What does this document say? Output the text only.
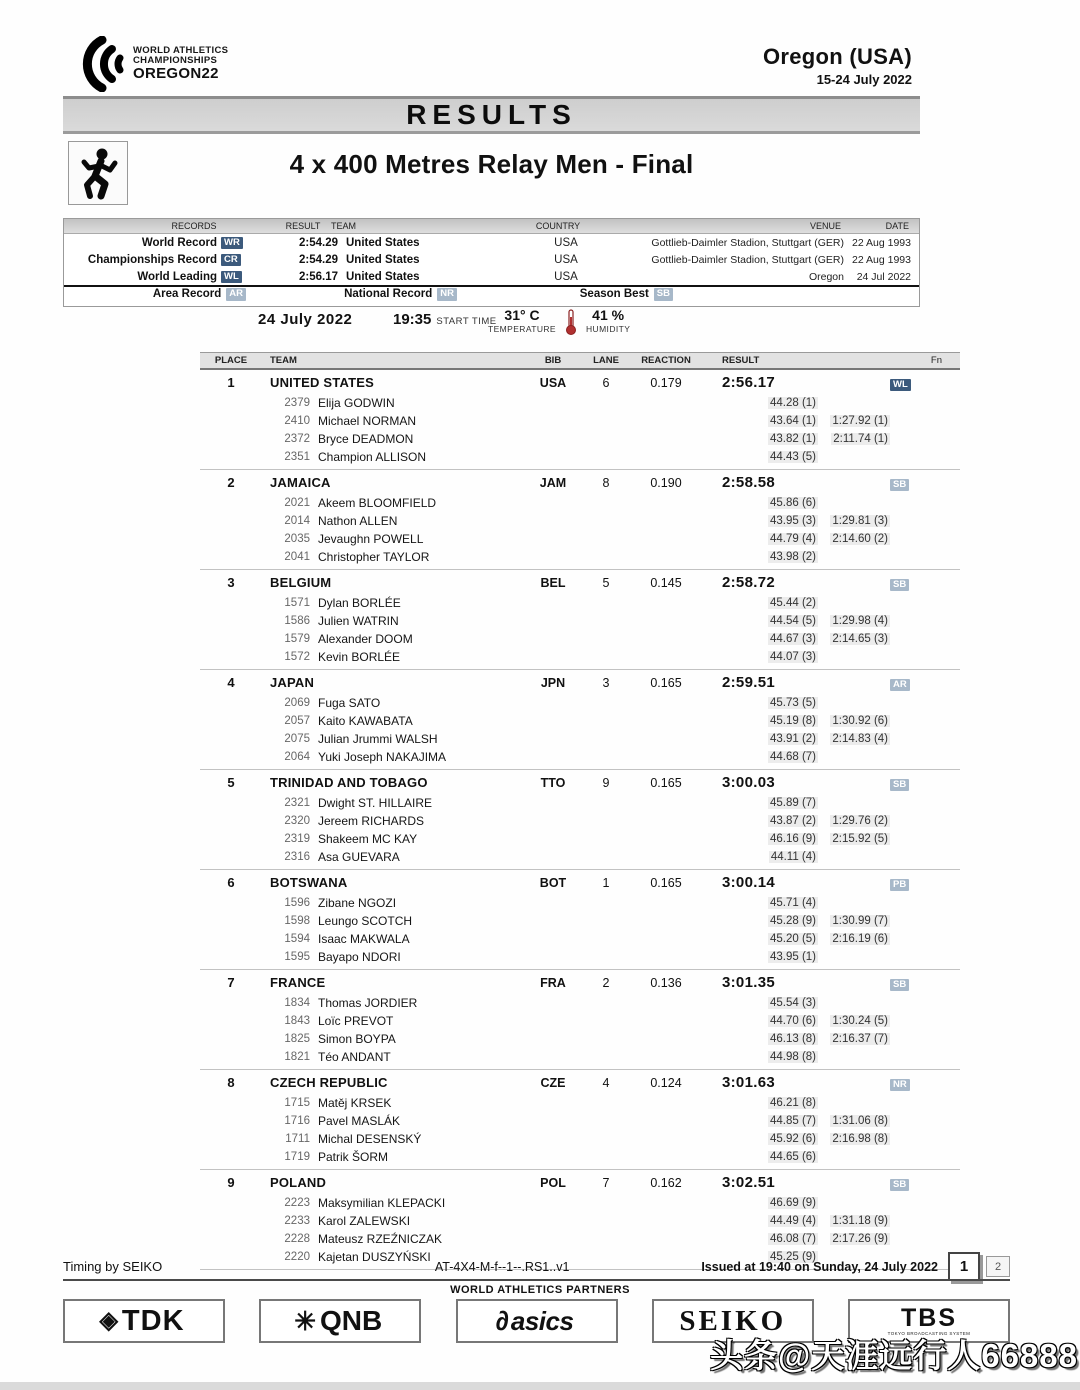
WORLD ATHLETICS
CHAMPIONSHIPS
OREGON22
Oregon (USA)
15-24 July 2022
RESULTS
4 x 400 Metres Relay Men - Final
RECORDS	RESULT TEAM	COUNTRY	VENUE	DATE
World Record WR	2:54.29 United States	USA	Gottlieb-Daimler Stadion, Stuttgart (GER) 22 Aug 1993
Championships Record CR	2:54.29 United States	USA	Gottlieb-Daimler Stadion, Stuttgart (GER) 22 Aug 1993
World Leading WL	2:56.17 United States	USA	Oregon	24 Jul 2022
Area Record AR	National Record NR	Season Best SB
24 July 2022	19:35 START TIME 31° C
TEMPERATURE
41 %
HUMIDITY
PLACE	TEAM	BIB	LANE	REACTION	RESULT	Fn
1	UNITED STATES	USA	6	0.179	2:56.17	WL
2379 Elija GODWIN	44.28 (1)
2410 Michael NORMAN	43.64 (1)	1:27.92 (1)
2372 Bryce DEADMON	43.82 (1)	2:11.74 (1)
2351 Champion ALLISON	44.43 (5)
2	JAMAICA	JAM	8	0.190	2:58.58	SB
2021 Akeem BLOOMFIELD	45.86 (6)
2014 Nathon ALLEN	43.95 (3)	1:29.81 (3)
2035 Jevaughn POWELL	44.79 (4)	2:14.60 (2)
2041 Christopher TAYLOR	43.98 (2)
3	BELGIUM	BEL	5	0.145	2:58.72	SB
1571 Dylan BORLÉE	45.44 (2)
1586 Julien WATRIN	44.54 (5)	1:29.98 (4)
1579 Alexander DOOM	44.67 (3)	2:14.65 (3)
1572 Kevin BORLÉE	44.07 (3)
4	JAPAN	JPN	3	0.165	2:59.51	AR
2069 Fuga SATO	45.73 (5)
2057 Kaito KAWABATA	45.19 (8)	1:30.92 (6)
2075 Julian Jrummi WALSH	43.91 (2)	2:14.83 (4)
2064 Yuki Joseph NAKAJIMA	44.68 (7)
5	TRINIDAD AND TOBAGO	TTO	9	0.165	3:00.03	SB
2321 Dwight ST. HILLAIRE	45.89 (7)
2320 Jereem RICHARDS	43.87 (2)	1:29.76 (2)
2319 Shakeem MC KAY	46.16 (9)	2:15.92 (5)
2316 Asa GUEVARA	44.11 (4)
6	BOTSWANA	BOT	1	0.165	3:00.14	PB
1596 Zibane NGOZI	45.71 (4)
1598 Leungo SCOTCH	45.28 (9)	1:30.99 (7)
1594 Isaac MAKWALA	45.20 (5)	2:16.19 (6)
1595 Bayapo NDORI	43.95 (1)
7	FRANCE	FRA	2	0.136	3:01.35	SB
1834 Thomas JORDIER	45.54 (3)
1843 Loïc PREVOT	44.70 (6)	1:30.24 (5)
1825 Simon BOYPA	46.13 (8)	2:16.37 (7)
1821 Téo ANDANT	44.98 (8)
8	CZECH REPUBLIC	CZE	4	0.124	3:01.63	NR
1715 Matěj KRSEK	46.21 (8)
1716 Pavel MASLÁK	44.85 (7)	1:31.06 (8)
1711 Michal DESENSKÝ	45.92 (6)	2:16.98 (8)
1719 Patrik ŠORM	44.65 (6)
9	POLAND	POL	7	0.162	3:02.51	SB
2223 Maksymilian KLEPACKI	46.69 (9)
2233 Karol ZALEWSKI	44.49 (4)	1:31.18 (9)
2228 Mateusz RZEŹNICZAK	46.08 (7)	2:17.26 (9)
2220 Kajetan DUSZYŃSKI	45.25 (9)
Timing by SEIKO	AT-4X4-M-f--1--.RS1..v1	Issued at 19:40 on Sunday, 24 July 2022	1	2
WORLD ATHLETICS PARTNERS
◈ TDK	✳ QNB	∂ asics	SEIKO	TBS
TOKYO BROADCASTING SYSTEM
头条@天涯远行人66888
